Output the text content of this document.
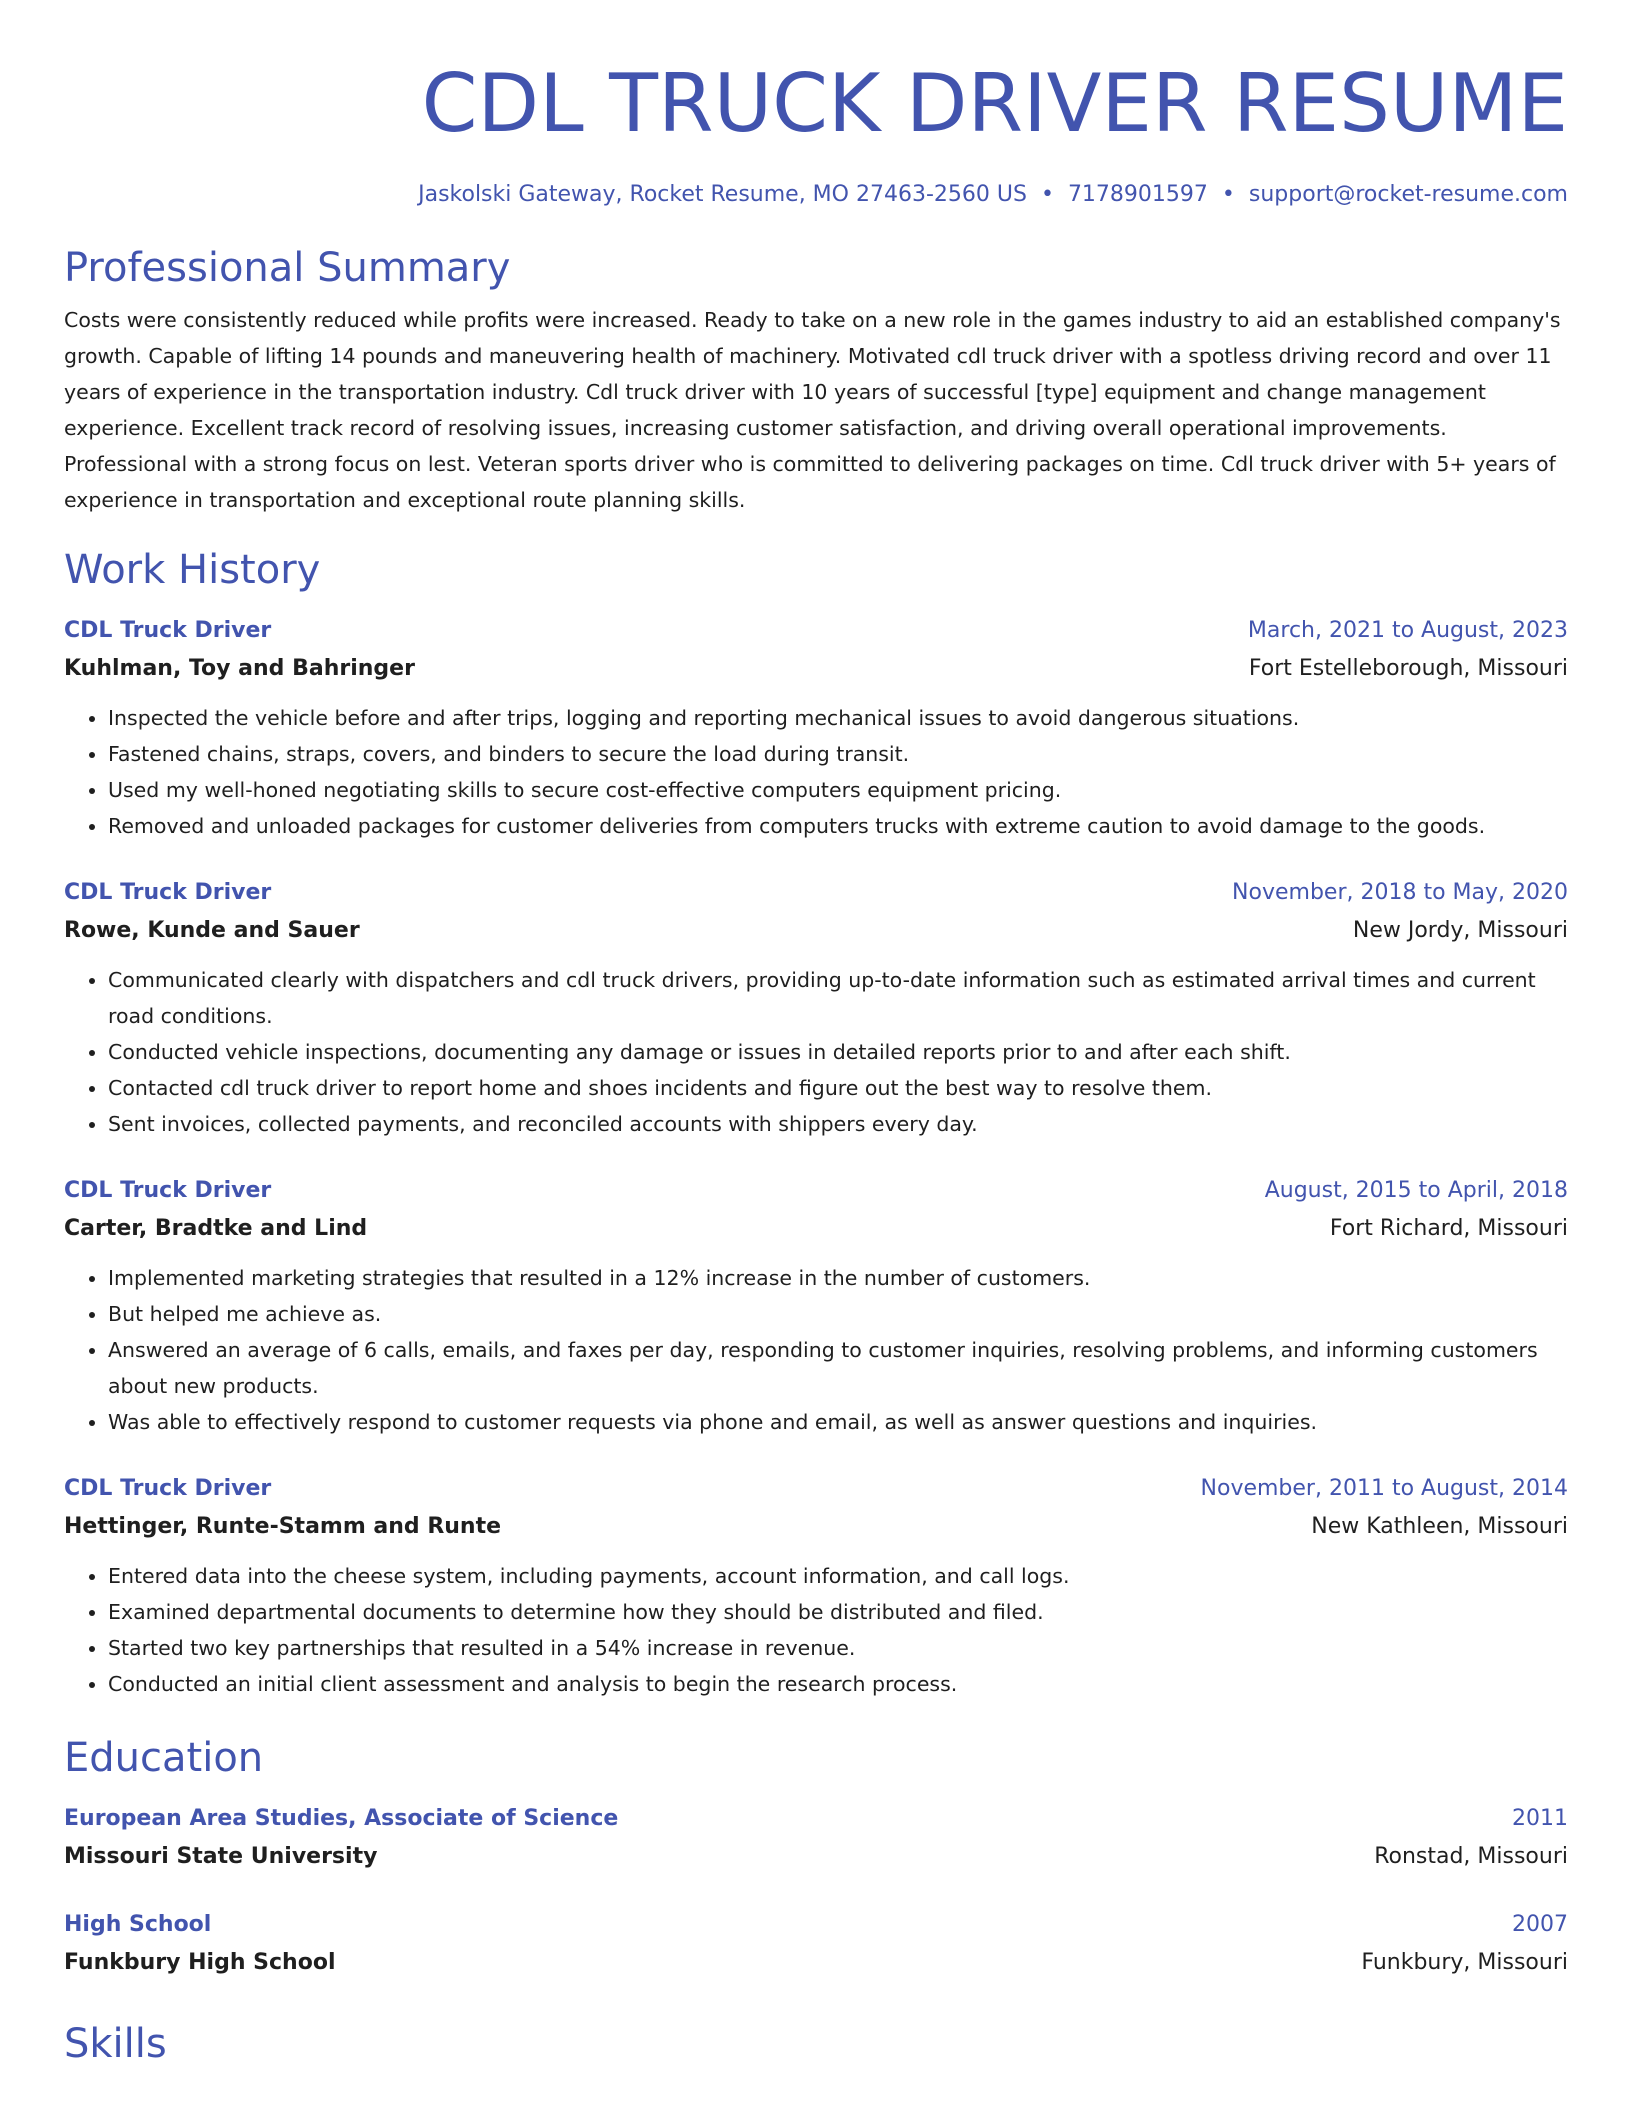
CDL TRUCK DRIVER RESUME
Jaskolski Gateway, Rocket Resume, MO 27463-2560 US • 7178901597 • support@rocket-resume.com
Professional Summary

Costs were consistently reduced while profits were increased. Ready to take on a new role in the games industry to aid an established company's growth. Capable of lifting 14 pounds and maneuvering health of machinery. Motivated cdl truck driver with a spotless driving record and over 11 years of experience in the transportation industry. Cdl truck driver with 10 years of successful [type] equipment and change management experience. Excellent track record of resolving issues, increasing customer satisfaction, and driving overall operational improvements. Professional with a strong focus on lest. Veteran sports driver who is committed to delivering packages on time. Cdl truck driver with 5+ years of experience in transportation and exceptional route planning skills.

Work History
CDL Truck Driver	March, 2021 to August, 2023
Kuhlman, Toy and Bahringer	Fort Estelleborough, Missouri
• Inspected the vehicle before and after trips, logging and reporting mechanical issues to avoid dangerous situations.
• Fastened chains, straps, covers, and binders to secure the load during transit.
• Used my well-honed negotiating skills to secure cost-effective computers equipment pricing.
• Removed and unloaded packages for customer deliveries from computers trucks with extreme caution to avoid damage to the goods.
CDL Truck Driver	November, 2018 to May, 2020
Rowe, Kunde and Sauer	New Jordy, Missouri
• Communicated clearly with dispatchers and cdl truck drivers, providing up-to-date information such as estimated arrival times and current road conditions.
• Conducted vehicle inspections, documenting any damage or issues in detailed reports prior to and after each shift.
• Contacted cdl truck driver to report home and shoes incidents and figure out the best way to resolve them.
• Sent invoices, collected payments, and reconciled accounts with shippers every day.
CDL Truck Driver	August, 2015 to April, 2018
Carter, Bradtke and Lind	Fort Richard, Missouri
• Implemented marketing strategies that resulted in a 12% increase in the number of customers.
• But helped me achieve as.
• Answered an average of 6 calls, emails, and faxes per day, responding to customer inquiries, resolving problems, and informing customers about new products.
• Was able to effectively respond to customer requests via phone and email, as well as answer questions and inquiries.
CDL Truck Driver	November, 2011 to August, 2014
Hettinger, Runte-Stamm and Runte	New Kathleen, Missouri
• Entered data into the cheese system, including payments, account information, and call logs.
• Examined departmental documents to determine how they should be distributed and filed.
• Started two key partnerships that resulted in a 54% increase in revenue.
• Conducted an initial client assessment and analysis to begin the research process.
Education
European Area Studies, Associate of Science	2011
Missouri State University	Ronstad, Missouri
High School	2007
Funkbury High School	Funkbury, Missouri
Skills
